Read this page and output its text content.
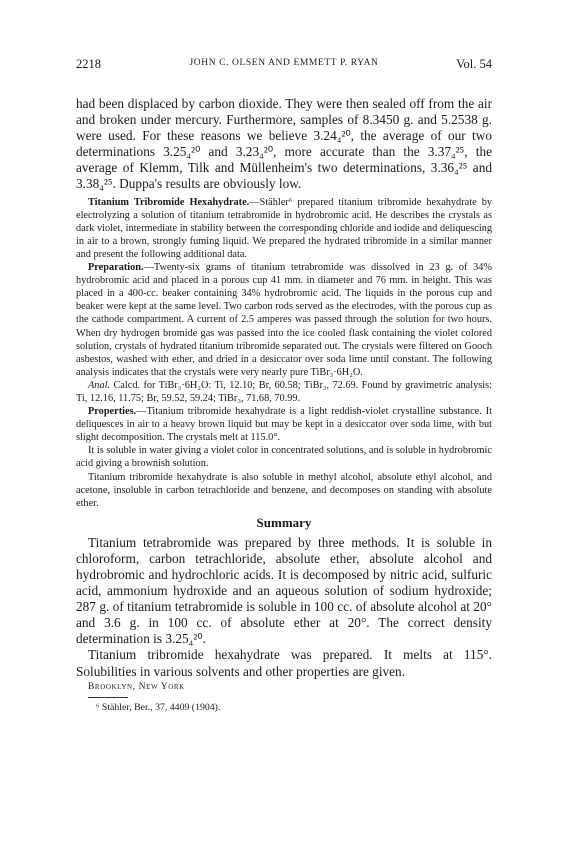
2218	JOHN C. OLSEN AND EMMETT P. RYAN	Vol. 54

had been displaced by carbon dioxide. They were then sealed off from the air and broken under mercury. Furthermore, samples of 8.3450 g. and 5.2538 g. were used. For these reasons we believe 3.24₄²⁰, the average of our two determinations 3.25₄²⁰ and 3.23₄²⁰, more accurate than the 3.37₄²⁵, the average of Klemm, Tilk and Müllenheim's two determinations, 3.36₄²⁵ and 3.38₄²⁵. Duppa's results are obviously low.

Titanium Tribromide Hexahydrate.—Stähler⁶ prepared titanium tribromide hexahydrate by electrolyzing a solution of titanium tetrabromide in hydrobromic acid. He describes the crystals as dark violet, intermediate in stability between the corresponding chloride and iodide and deliquescing in air to a brown, strongly fuming liquid. We prepared the hydrated tribromide in a similar manner and present the following additional data.

Preparation.—Twenty-six grams of titanium tetrabromide was dissolved in 23 g. of 34% hydrobromic acid and placed in a porous cup 41 mm. in diameter and 76 mm. in height. This was placed in a 400-cc. beaker containing 34% hydrobromic acid. The liquids in the porous cup and beaker were kept at the same level. Two carbon rods served as the electrodes, with the porous cup as the cathode compartment. A current of 2.5 amperes was passed through the solution for two hours. When dry hydrogen bromide gas was passed into the ice cooled flask containing the violet colored solution, crystals of hydrated titanium tribromide separated out. The crystals were filtered on Gooch asbestos, washed with ether, and dried in a desiccator over soda lime until constant. The following analysis indicates that the crystals were very nearly pure TiBr₃·6H₂O.

Anal. Calcd. for TiBr₃·6H₂O: Ti, 12.10; Br, 60.58; TiBr₃, 72.69. Found by gravimetric analysis: Ti, 12.16, 11.75; Br, 59.52, 59.24; TiBr₃, 71.68, 70.99.

Properties.—Titanium tribromide hexahydrate is a light reddish-violet crystalline substance. It deliquesces in air to a heavy brown liquid but may be kept in a desiccator over soda lime, with but slight decomposition. The crystals melt at 115.0°.

It is soluble in water giving a violet color in concentrated solutions, and is soluble in hydrobromic acid giving a brownish solution.

Titanium tribromide hexahydrate is also soluble in methyl alcohol, absolute ethyl alcohol, and acetone, insoluble in carbon tetrachloride and benzene, and decomposes on standing with absolute ether.

Summary

Titanium tetrabromide was prepared by three methods. It is soluble in chloroform, carbon tetrachloride, absolute ether, absolute alcohol and hydrobromic and hydrochloric acids. It is decomposed by nitric acid, sulfuric acid, ammonium hydroxide and an aqueous solution of sodium hydroxide; 287 g. of titanium tetrabromide is soluble in 100 cc. of absolute alcohol at 20° and 3.6 g. in 100 cc. of absolute ether at 20°. The correct density determination is 3.25₄²⁰.

Titanium tribromide hexahydrate was prepared. It melts at 115°. Solubilities in various solvents and other properties are given.

Brooklyn, New York

⁶ Stähler, Ber., 37, 4409 (1904).
